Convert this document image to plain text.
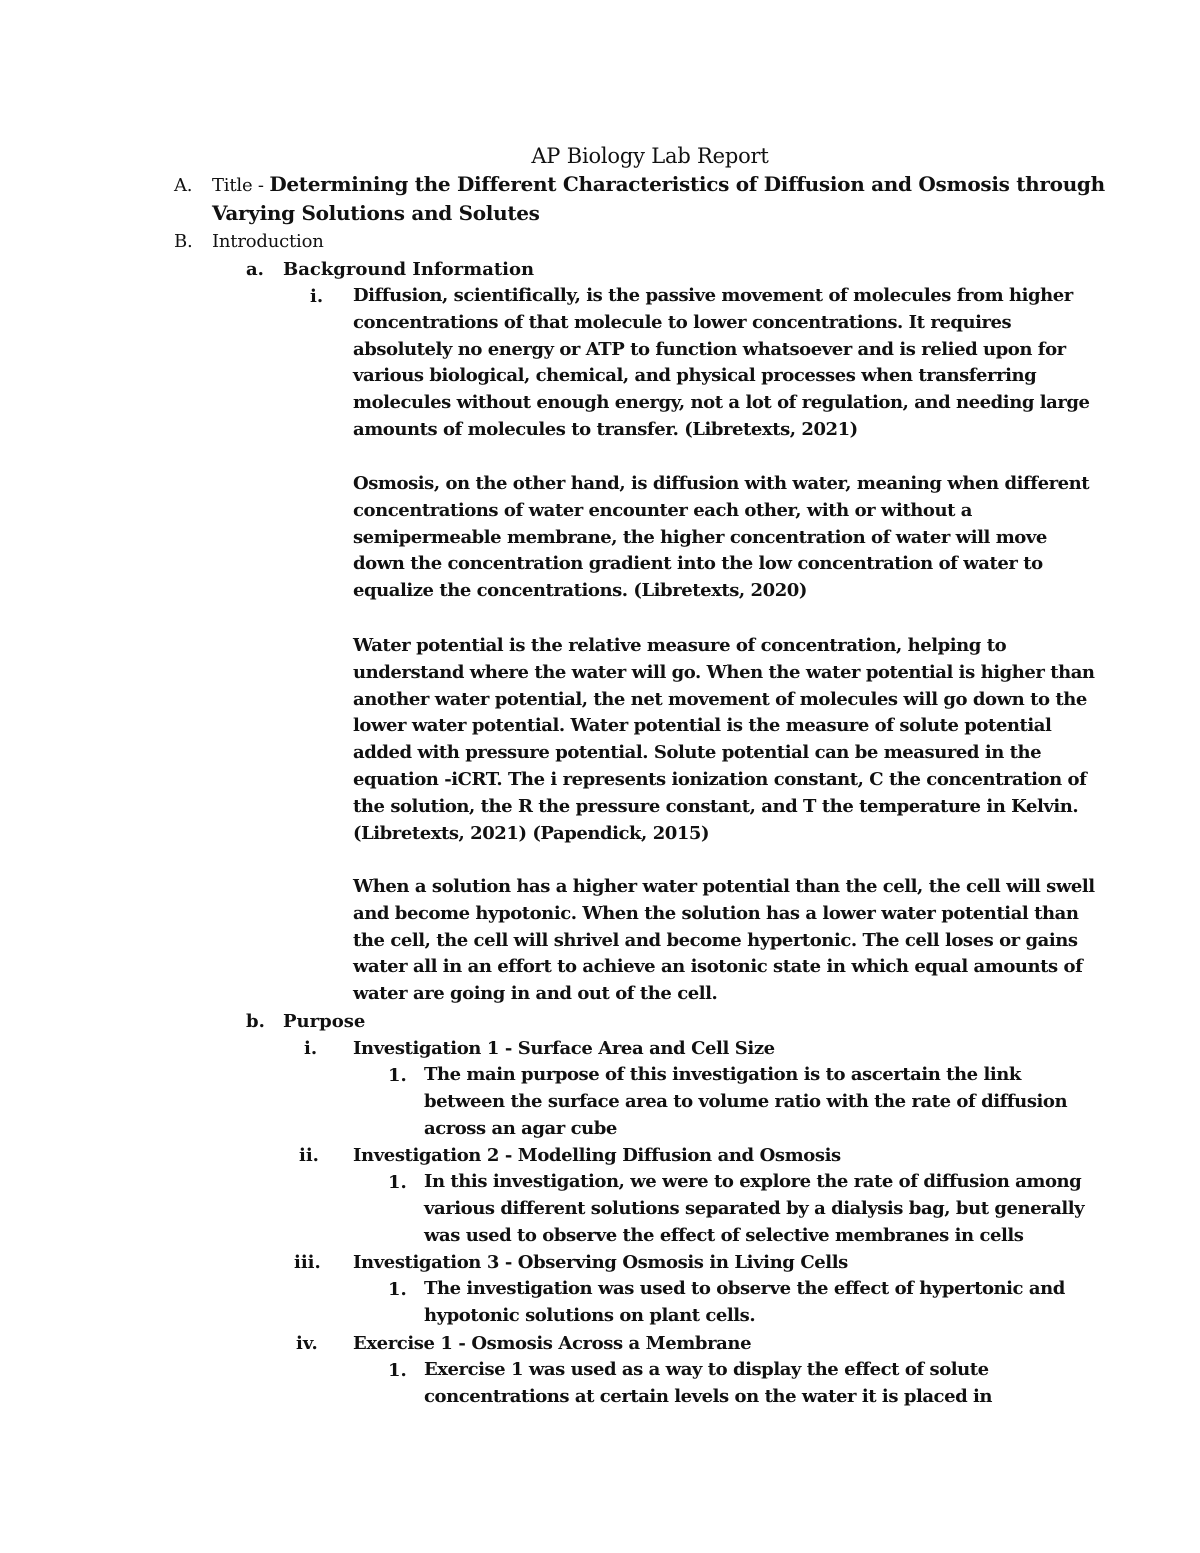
AP Biology Lab Report
A. Title - Determining the Different Characteristics of Diffusion and Osmosis through
Varying Solutions and Solutes
B. Introduction
a. Background Information
i. Diffusion, scientifically, is the passive movement of molecules from higher
concentrations of that molecule to lower concentrations. It requires
absolutely no energy or ATP to function whatsoever and is relied upon for
various biological, chemical, and physical processes when transferring
molecules without enough energy, not a lot of regulation, and needing large
amounts of molecules to transfer. (Libretexts, 2021)
Osmosis, on the other hand, is diffusion with water, meaning when different
concentrations of water encounter each other, with or without a
semipermeable membrane, the higher concentration of water will move
down the concentration gradient into the low concentration of water to
equalize the concentrations. (Libretexts, 2020)
Water potential is the relative measure of concentration, helping to
understand where the water will go. When the water potential is higher than
another water potential, the net movement of molecules will go down to the
lower water potential. Water potential is the measure of solute potential
added with pressure potential. Solute potential can be measured in the
equation -iCRT. The i represents ionization constant, C the concentration of
the solution, the R the pressure constant, and T the temperature in Kelvin.
(Libretexts, 2021) (Papendick, 2015)
When a solution has a higher water potential than the cell, the cell will swell
and become hypotonic. When the solution has a lower water potential than
the cell, the cell will shrivel and become hypertonic. The cell loses or gains
water all in an effort to achieve an isotonic state in which equal amounts of
water are going in and out of the cell.
b. Purpose
i. Investigation 1 - Surface Area and Cell Size
1. The main purpose of this investigation is to ascertain the link
between the surface area to volume ratio with the rate of diffusion
across an agar cube
ii. Investigation 2 - Modelling Diffusion and Osmosis
1. In this investigation, we were to explore the rate of diffusion among
various different solutions separated by a dialysis bag, but generally
was used to observe the effect of selective membranes in cells
iii. Investigation 3 - Observing Osmosis in Living Cells
1. The investigation was used to observe the effect of hypertonic and
hypotonic solutions on plant cells.
iv. Exercise 1 - Osmosis Across a Membrane
1. Exercise 1 was used as a way to display the effect of solute
concentrations at certain levels on the water it is placed in
